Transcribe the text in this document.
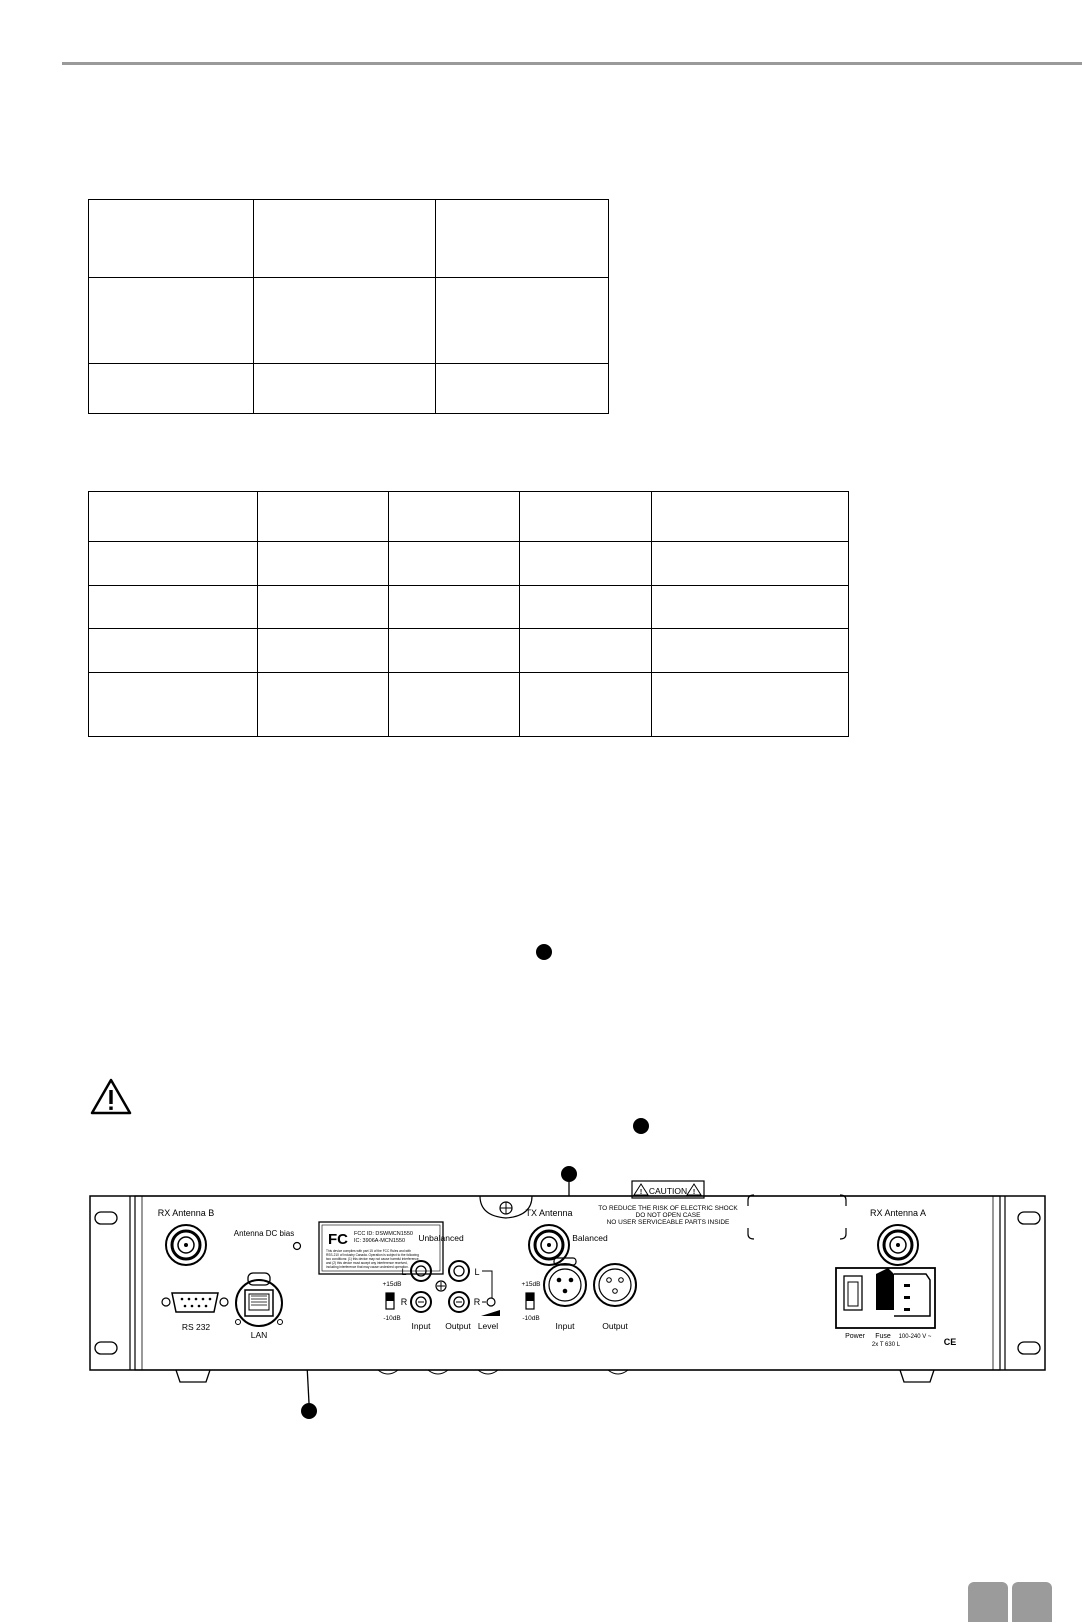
RX Antenna B
Antenna DC bias
RS 232
LAN
FC FCC ID: DSWMCN1550
IC: 3906A-MCN1550
This device complies with part 15 of the FCC Rules and with
RSS-210 of Industry Canada. Operation is subject to the following
two conditions: (1) this device may not cause harmful interference,
and (2) this device must accept any interference received,
including interference that may cause undesired operation.
Unbalanced
+15dB
-10dB
L
R
L
R
Input Output Level
TX Antenna
Balanced
+15dB
-10dB
Input	Output
!	!
CAUTION
TO REDUCE THE RISK OF ELECTRIC SHOCK
DO NOT OPEN CASE
NO USER SERVICEABLE PARTS INSIDE
RX Antenna A
Power Fuse 100-240 V ~
2x T 630 L	CE
